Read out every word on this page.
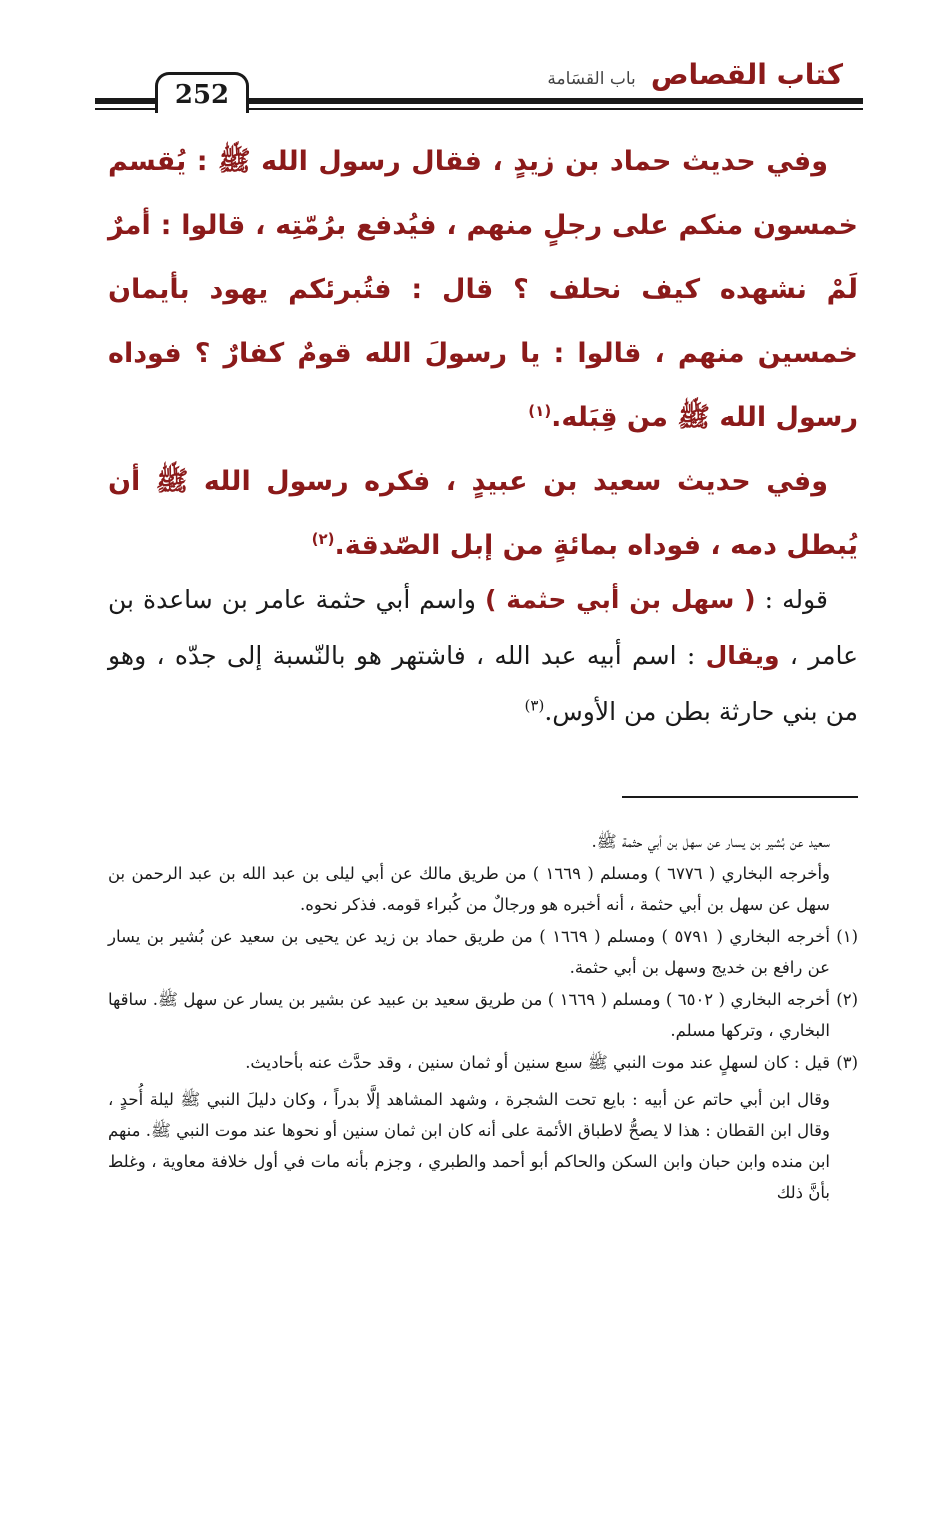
كتاب القصاص باب القسَامة
252

وفي حديث حماد بن زيدٍ ، فقال رسول الله ﷺ : يُقسم خمسون منكم على رجلٍ منهم ، فيُدفع برُمّتِه ، قالوا : أمرٌ لَمْ نشهده كيف نحلف ؟ قال : فتُبرئكم يهود بأيمان خمسين منهم ، قالوا : يا رسولَ الله قومٌ كفارٌ ؟ فوداه رسول الله ﷺ من قِبَله.$^{(١)}$

وفي حديث سعيد بن عبيدٍ ، فكره رسول الله ﷺ أن يُبطل دمه ، فوداه بمائةٍ من إبل الصّدقة.$^{(٢)}$

قوله : ( سهل بن أبي حثمة ) واسم أبي حثمة عامر بن ساعدة بن عامر ، ويقال : اسم أبيه عبد الله ، فاشتهر هو بالنّسبة إلى جدّه ، وهو من بني حارثة بطن من الأوس.$^{(٣)}$

سعيد عن بُشير بن يسار عن سهل بن أبي حثمة ﷺ.

وأخرجه البخاري ( ٦٧٧٦ ) ومسلم ( ١٦٦٩ ) من طريق مالك عن أبي ليلى بن عبد الله بن عبد الرحمن بن سهل عن سهل بن أبي حثمة ، أنه أخبره هو ورجالٌ من كُبراء قومه. فذكر نحوه.

(١)
أخرجه البخاري ( ٥٧٩١ ) ومسلم ( ١٦٦٩ ) من طريق حماد بن زيد عن يحيى بن سعيد عن بُشير بن يسار عن رافع بن خديج وسهل بن أبي حثمة.

(٢)
أخرجه البخاري ( ٦٥٠٢ ) ومسلم ( ١٦٦٩ ) من طريق سعيد بن عبيد عن بشير بن يسار عن سهل ﷺ. ساقها البخاري ، وتركها مسلم.

(٣)
قيل : كان لسهلٍ عند موت النبي ﷺ سبع سنين أو ثمان سنين ، وقد حدَّث عنه بأحاديث.

وقال ابن أبي حاتم عن أبيه : بايع تحت الشجرة ، وشهد المشاهد إلَّا بدراً ، وكان دليلَ النبي ﷺ ليلة أُحدٍ ، وقال ابن القطان : هذا لا يصحُّ لاطباق الأئمة على أنه كان ابن ثمان سنين أو نحوها عند موت النبي ﷺ. منهم ابن منده وابن حبان وابن السكن والحاكم أبو أحمد والطبري ، وجزم بأنه مات في أول خلافة معاوية ، وغلط بأنَّ ذلك
